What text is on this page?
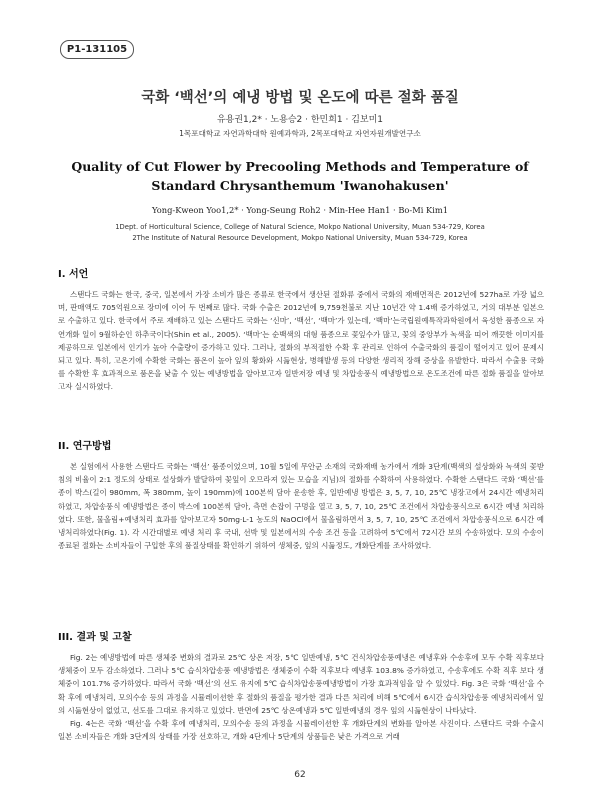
P1-131105
국화 ‘백선’의 예냉 방법 및 온도에 따른 절화 품질
유용권1,2* · 노용승2 · 한민희1 · 김보미1
1목포대학교 자연과학대학 원예과학과, 2목포대학교 자연자원개발연구소
Quality of Cut Flower by Precooling Methods and Temperature of Standard Chrysanthemum 'Iwanohakusen'
Yong-Kweon Yoo1,2* · Yong-Seung Roh2 · Min-Hee Han1 · Bo-Mi Kim1
1Dept. of Horticultural Science, College of Natural Science, Mokpo National University, Muan 534-729, Korea
2The Institute of Natural Resource Development, Mokpo National University, Muan 534-729, Korea
I. 서언

스탠다드 국화는 한국, 중국, 일본에서 가장 소비가 많은 종류로 한국에서 생산된 절화류 중에서 국화의 재배면적은 2012년에 527ha로 가장 넓으며, 판매액도 705억원으로 장미에 이어 두 번째로 많다. 국화 수출은 2012년에 9,759천불로 지난 10년간 약 1.4배 증가하였고, 거의 대부분 일본으로 수출하고 있다. 한국에서 주로 재배하고 있는 스탠다드 국화는 ‘신마’, ‘백선’, ‘백마’가 있는데, ‘백마’는국립원예특작과학원에서 육성한 품종으로 자연개화 일이 9월하순인 하추국이다(Shin et al., 2005). ‘백마’는 순백색의 대형 품종으로 꽃잎수가 많고, 꽃의 중앙부가 녹색을 띠어 깨끗한 이미지를 제공하므로 일본에서 인기가 높아 수출량이 증가하고 있다. 그러나, 절화의 부적절한 수확 후 관리로 인하여 수출국화의 품질이 떨어지고 있어 문제시 되고 있다. 특히, 고온기에 수확한 국화는 품온이 높아 잎의 황화와 시듦현상, 병해발생 등의 다양한 생리적 장해 증상을 유발한다. 따라서 수출용 국화를 수확한 후 효과적으로 품온을 낮출 수 있는 예냉방법을 알아보고자 일반저장 예냉 및 차압송풍식 예냉방법으로 온도조건에 따른 절화 품질을 알아보고자 실시하였다.

II. 연구방법

본 실험에서 사용한 스탠다드 국화는 ‘백선’ 품종이었으며, 10월 5일에 무안군 소재의 국화재배 농가에서 개화 3단계(백색의 설상화와 녹색의 꽃받침의 비율이 2:1 정도의 상태로 설상화가 발달하여 꽃잎이 오므라져 있는 모습을 지님)의 절화를 수확하여 사용하였다. 수확한 스탠다드 국화 ‘백선’를 종이 박스(길이 980mm, 폭 380mm, 높이 190mm)에 100본씩 담아 운송한 후, 일반예냉 방법은 3, 5, 7, 10, 25℃ 냉장고에서 24시간 예냉처리하였고, 차압송풍식 예냉방법은 종이 박스에 100본씩 담아, 측면 손잡이 구멍을 열고 3, 5, 7, 10, 25℃ 조건에서 차압송풍식으로 6시간 예냉 처리하였다. 또한, 물올림+예냉처리 효과를 알아보고자 50mg·L-1 농도의 NaOCl에서 물올림하면서 3, 5, 7, 10, 25℃ 조건에서 차압송풍식으로 6시간 예냉처리하였다(Fig. 1). 각 시간대별로 예냉 처리 후 국내, 선박 및 일본에서의 수송 조건 등을 고려하여 5℃에서 72시간 보의 수송하였다. 모의 수송이 종료된 절화는 소비자들이 구입한 후의 품질상태를 확인하기 위하여 생체중, 잎의 시듦정도, 개화단계를 조사하였다.

III. 결과 및 고찰

Fig. 2는 예냉방법에 따른 생체중 변화의 결과로 25℃ 상온 저장, 5℃ 일반예냉, 5℃ 건식차압송풍예냉은 예냉후와 수송후에 모두 수확 직후보다 생체중이 모두 감소하였다. 그러나 5℃ 습식차압송풍 예냉방법은 생체중이 수확 직후보다 예냉후 103.8% 증가하였고, 수송후에도 수확 직후 보다 생체중이 101.7% 증가하였다. 따라서 국화 ‘백선’의 선도 유지에 5℃ 습식차압송풍예냉방법이 가장 효과적임을 알 수 있었다. Fig. 3은 국화 ‘백선’을 수확 후에 예냉처리, 모의수송 등의 과정을 시뮬레이션한 후 절화의 품질을 평가한 결과 다른 처리에 비해 5℃에서 6시간 습식차압송풍 예냉처리에서 잎의 시듦현상이 없었고, 선도를 그대로 유지하고 있었다. 반면에 25℃ 상온예냉과 5℃ 일반예냉의 경우 잎의 시듦현상이 나타났다.

Fig. 4는은 국화 ‘백선’을 수확 후에 예냉처리, 모의수송 등의 과정을 시뮬레이션한 후 개화단계의 변화를 알아본 사진이다. 스탠다드 국화 수출시 일본 소비자들은 개화 3단계의 상태를 가장 선호하고, 개화 4단계나 5단계의 상품들은 낮은 가격으로 거래

62
